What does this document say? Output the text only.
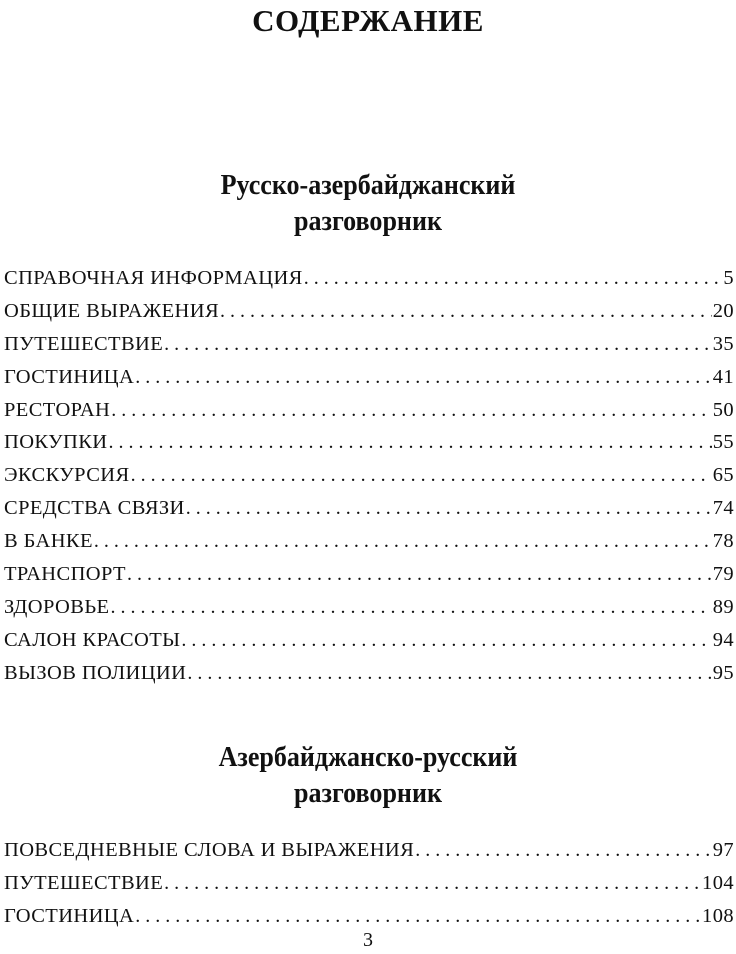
СОДЕРЖАНИЕ
Русско-азербайджанский
разговорник
СПРАВОЧНАЯ ИНФОРМАЦИЯ . . .	5
ОБЩИЕ ВЫРАЖЕНИЯ . . .	20
ПУТЕШЕСТВИЕ . . .	35
ГОСТИНИЦА . . .	41
РЕСТОРАН . . .	50
ПОКУПКИ . . .	55
ЭКСКУРСИЯ . . .	65
СРЕДСТВА СВЯЗИ . . .	74
В БАНКЕ . . .	78
ТРАНСПОРТ . . .	79
ЗДОРОВЬЕ . . .	89
САЛОН КРАСОТЫ . . .	94
ВЫЗОВ ПОЛИЦИИ . . .	95
Азербайджанско-русский
разговорник
ПОВСЕДНЕВНЫЕ СЛОВА И ВЫРАЖЕНИЯ . . .	97
ПУТЕШЕСТВИЕ . . .	104
ГОСТИНИЦА . . .	108
3
